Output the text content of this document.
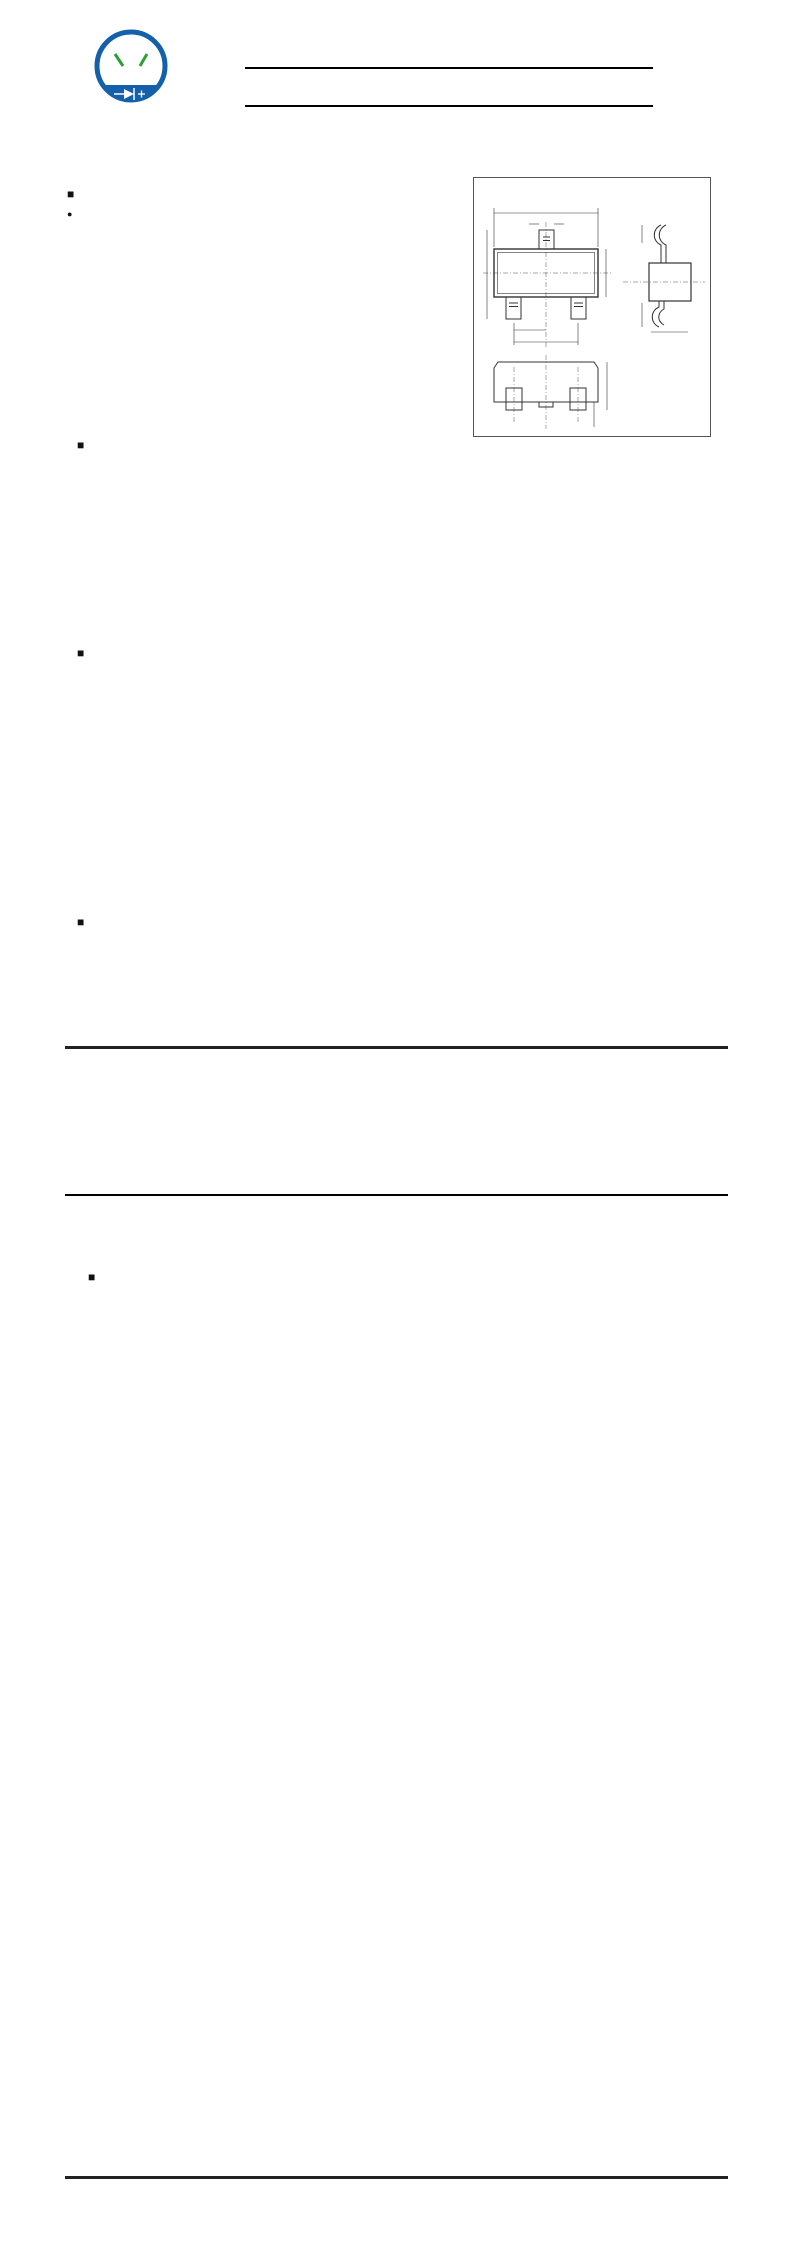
■
●
■
■
■
■
